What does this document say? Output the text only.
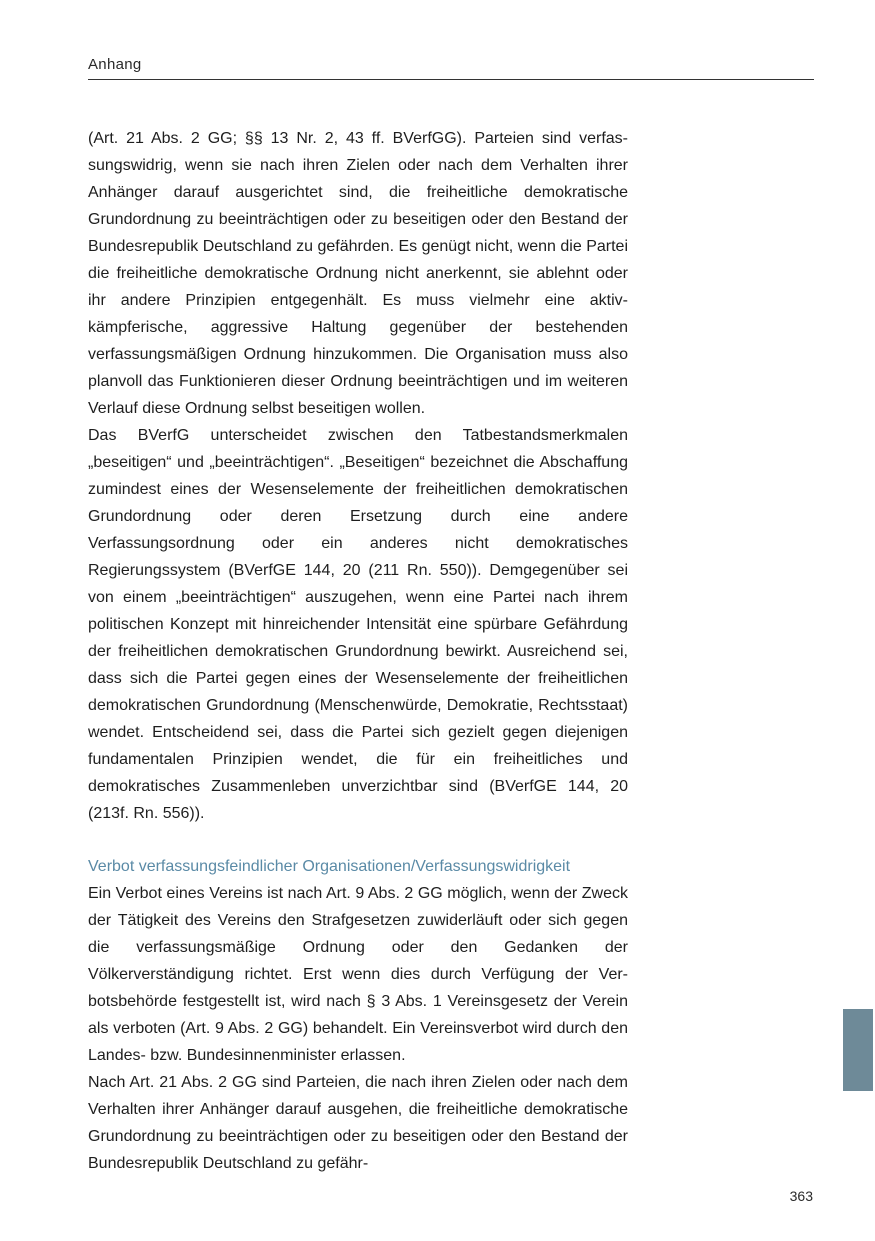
Anhang

(Art. 21 Abs. 2 GG; §§ 13 Nr. 2, 43 ff. BVerfGG). Parteien sind verfassungswidrig, wenn sie nach ihren Zielen oder nach dem Verhalten ihrer Anhänger darauf ausgerichtet sind, die freiheitliche demokratische Grundordnung zu beeinträchtigen oder zu beseitigen oder den Bestand der Bundesrepublik Deutschland zu gefährden. Es genügt nicht, wenn die Partei die freiheitliche demokratische Ordnung nicht anerkennt, sie ablehnt oder ihr andere Prinzipien entgegenhält. Es muss vielmehr eine aktiv-kämpferische, aggressive Haltung gegenüber der bestehenden verfassungsmäßigen Ordnung hinzukommen. Die Organisation muss also planvoll das Funktionieren dieser Ordnung beeinträchtigen und im weiteren Verlauf diese Ordnung selbst beseitigen wollen.

Das BVerfG unterscheidet zwischen den Tatbestandsmerkmalen „beseitigen“ und „beeinträchtigen“. „Beseitigen“ bezeichnet die Abschaffung zumindest eines der Wesenselemente der freiheitlichen demokratischen Grundordnung oder deren Ersetzung durch eine andere Verfassungsordnung oder ein anderes nicht demokratisches Regierungssystem (BVerfGE 144, 20 (211 Rn. 550)). Demgegenüber sei von einem „beeinträchtigen“ auszugehen, wenn eine Partei nach ihrem politischen Konzept mit hinreichender Intensität eine spürbare Gefährdung der freiheitlichen demokratischen Grundordnung bewirkt. Ausreichend sei, dass sich die Partei gegen eines der Wesenselemente der freiheitlichen demokratischen Grundordnung (Menschenwürde, Demokratie, Rechtsstaat) wendet. Entscheidend sei, dass die Partei sich gezielt gegen diejenigen fundamentalen Prinzipien wendet, die für ein freiheitliches und demokratisches Zusammenleben unverzichtbar sind (BVerfGE 144, 20 (213f. Rn. 556)).

Verbot verfassungsfeindlicher Organisationen/Verfassungswidrigkeit

Ein Verbot eines Vereins ist nach Art. 9 Abs. 2 GG möglich, wenn der Zweck der Tätigkeit des Vereins den Strafgesetzen zuwiderläuft oder sich gegen die verfassungsmäßige Ordnung oder den Gedanken der Völkerverständigung richtet. Erst wenn dies durch Verfügung der Verbotsbehörde festgestellt ist, wird nach § 3 Abs. 1 Vereinsgesetz der Verein als verboten (Art. 9 Abs. 2 GG) behandelt. Ein Vereinsverbot wird durch den Landes- bzw. Bundesinnenminister erlassen.

Nach Art. 21 Abs. 2 GG sind Parteien, die nach ihren Zielen oder nach dem Verhalten ihrer Anhänger darauf ausgehen, die freiheitliche demokratische Grundordnung zu beeinträchtigen oder zu beseitigen oder den Bestand der Bundesrepublik Deutschland zu gefähr-

363
